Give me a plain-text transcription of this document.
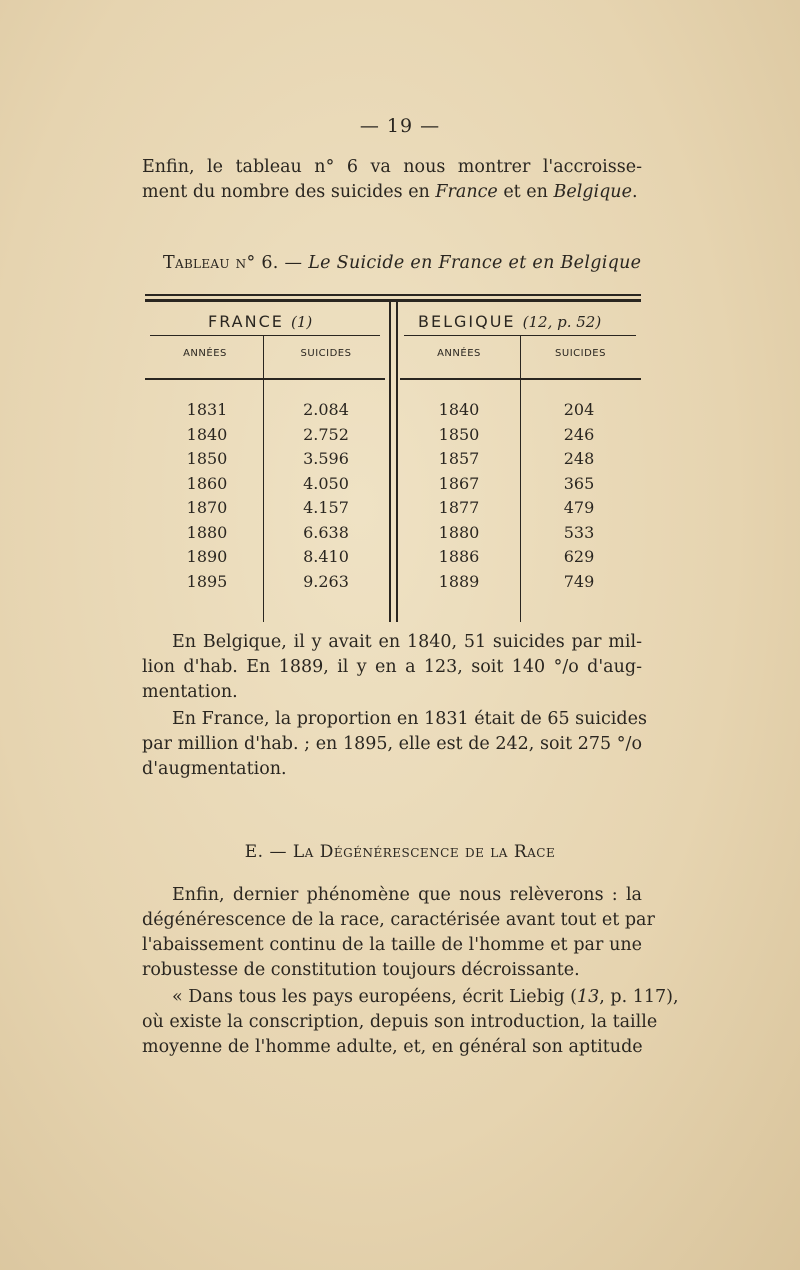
— 19 —
Enfin, le tableau n° 6 va nous montrer l'accroisse-
ment du nombre des suicides en France et en Belgique.
Tableau n° 6. — Le Suicide en France et en Belgique
FRANCE (1)	BELGIQUE (12, p. 52)
ANNÉES	SUICIDES	ANNÉES	SUICIDES
1831	2.084	1840	204
1840	2.752	1850	246
1850	3.596	1857	248
1860	4.050	1867	365
1870	4.157	1877	479
1880	6.638	1880	533
1890	8.410	1886	629
1895	9.263	1889	749
En Belgique, il y avait en 1840, 51 suicides par mil-
lion d'hab. En 1889, il y en a 123, soit 140 °/o d'aug-
mentation.
En France, la proportion en 1831 était de 65 suicides
par million d'hab. ; en 1895, elle est de 242, soit 275 °/o
d'augmentation.
E. — La Dégénérescence de la Race
Enfin, dernier phénomène que nous relèverons : la
dégénérescence de la race, caractérisée avant tout et par
l'abaissement continu de la taille de l'homme et par une
robustesse de constitution toujours décroissante.
« Dans tous les pays européens, écrit Liebig (13, p. 117),
où existe la conscription, depuis son introduction, la taille
moyenne de l'homme adulte, et, en général son aptitude
